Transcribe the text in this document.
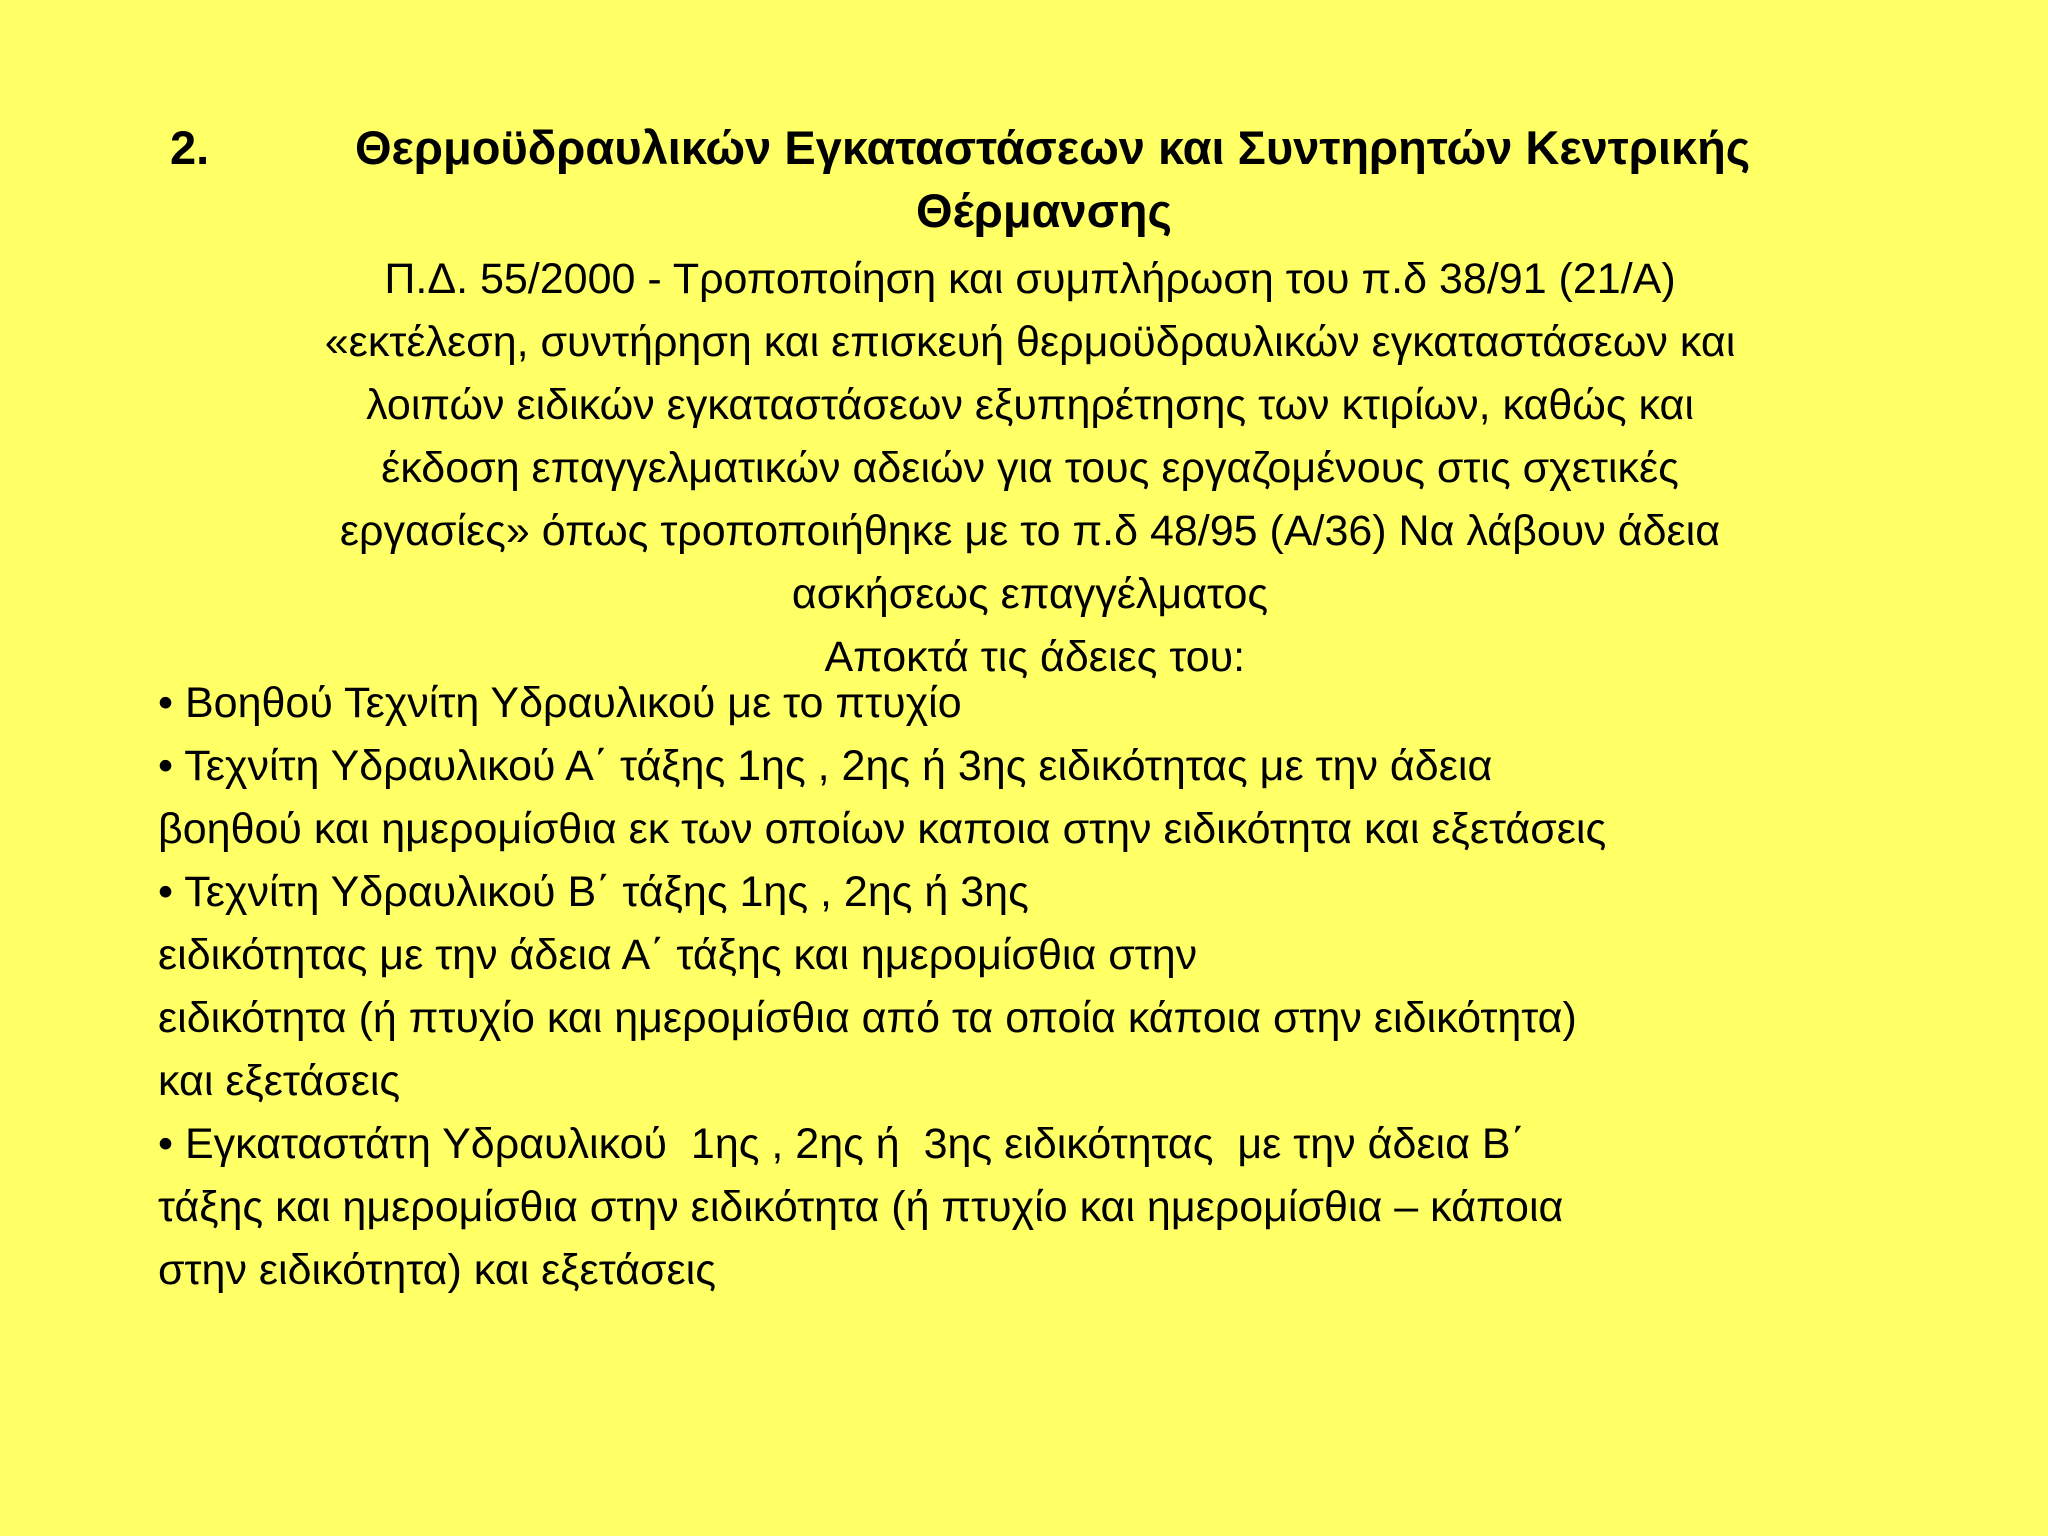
2.	Θερμοϋδραυλικών Εγκαταστάσεων και Συντηρητών Κεντρικής
Θέρμανσης
Π.Δ. 55/2000 - Τροποποίηση και συμπλήρωση του π.δ 38/91 (21/Α)
«εκτέλεση, συντήρηση και επισκευή θερμοϋδραυλικών εγκαταστάσεων και
λοιπών ειδικών εγκαταστάσεων εξυπηρέτησης των κτιρίων, καθώς και
έκδοση επαγγελματικών αδειών για τους εργαζομένους στις σχετικές
εργασίες» όπως τροποποιήθηκε με το π.δ 48/95 (Α/36) Να λάβουν άδεια
ασκήσεως επαγγέλματος
Αποκτά τις άδειες του:
• Βοηθού Τεχνίτη Υδραυλικού με το πτυχίο
• Τεχνίτη Υδραυλικού Α΄ τάξης 1ης , 2ης ή 3ης ειδικότητας με την άδεια
βοηθού και ημερομίσθια εκ των οποίων καποια στην ειδικότητα και εξετάσεις
• Τεχνίτη Υδραυλικού Β΄ τάξης 1ης , 2ης ή 3ης
ειδικότητας με την άδεια Α΄ τάξης και ημερομίσθια στην
ειδικότητα (ή πτυχίο και ημερομίσθια από τα οποία κάποια στην ειδικότητα)
και εξετάσεις
• Εγκαταστάτη Υδραυλικού  1ης , 2ης ή  3ης ειδικότητας  με την άδεια Β΄
τάξης και ημερομίσθια στην ειδικότητα (ή πτυχίο και ημερομίσθια – κάποια
στην ειδικότητα) και εξετάσεις
